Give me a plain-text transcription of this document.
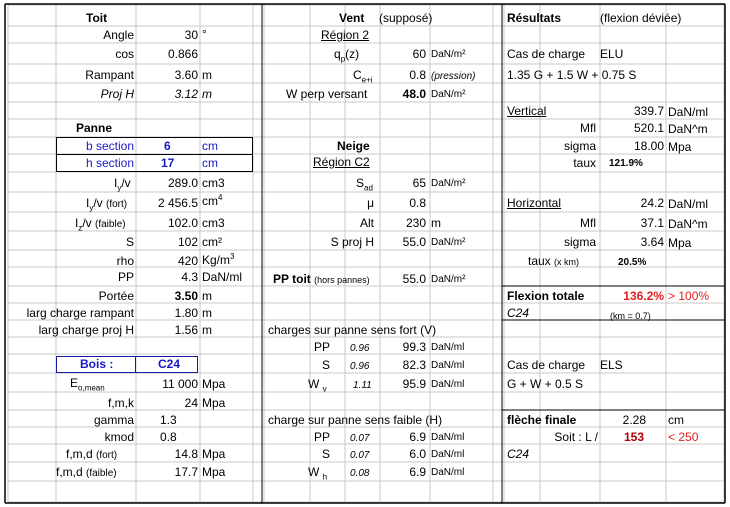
Toit
Angle	30 °
cos	0.866
Rampant	3.60 m
Proj H	3.12 m
Panne
b section	6	cm
h section 17 cm
$I_y/v$	289.0 cm3
$I_y/v$ (fort)	2 456.5 $cm^4$
$I_z/v$ (faible)	102.0 cm3
S	102 cm²
rho	420 $Kg/m^3$
PP	4.3 DaN/ml
Portée	3.50 m
larg charge rampant	1.80 m
larg charge proj H	1.56 m
Bois :	C24
$E_{o,mean}$	11 000 Mpa
f,m,k	24 Mpa
gamma 1.3
kmod 0.8
f,m,d (fort)	14.8 Mpa
f,m,d (faible)	17.7 Mpa
Vent (supposé)
Région 2
$q_p(z)$	60 DaN/m²
$C_{e+i}$	0.8 (pression)
W perp versant	48.0 DaN/m²
Neige
Région C2
$S_{ad}$	65 DaN/m²
μ	0.8
Alt	230 m
S proj H	55.0 DaN/m²
PP toit (hors pannes)	55.0 DaN/m²
charges sur panne sens fort (V)
PP 0.96	99.3 DaN/ml
S 0.96	82.3 DaN/ml
W $_v$	1.11	95.9 DaN/ml
charge sur panne sens faible (H)
PP 0.07	6.9 DaN/ml
S 0.07	6.0 DaN/ml
W $_h$ 0.08	6.9 DaN/ml
Résultats	(flexion déviée)
Cas de charge ELU
1.35 G + 1.5 W + 0.75 S
Vertical	339.7 DaN/ml
Mfl	520.1 DaN^m
sigma	18.00 Mpa
taux 121.9%
Horizontal	24.2 DaN/ml
Mfl	37.1 DaN^m
sigma	3.64 Mpa
taux (x km)	20.5%
Flexion totale	136.2% > 100%
C24	(km = 0.7)
Cas de charge ELS
G + W + 0.5 S
flèche finale	2.28 cm
Soit : L / 153 < 250
C24
